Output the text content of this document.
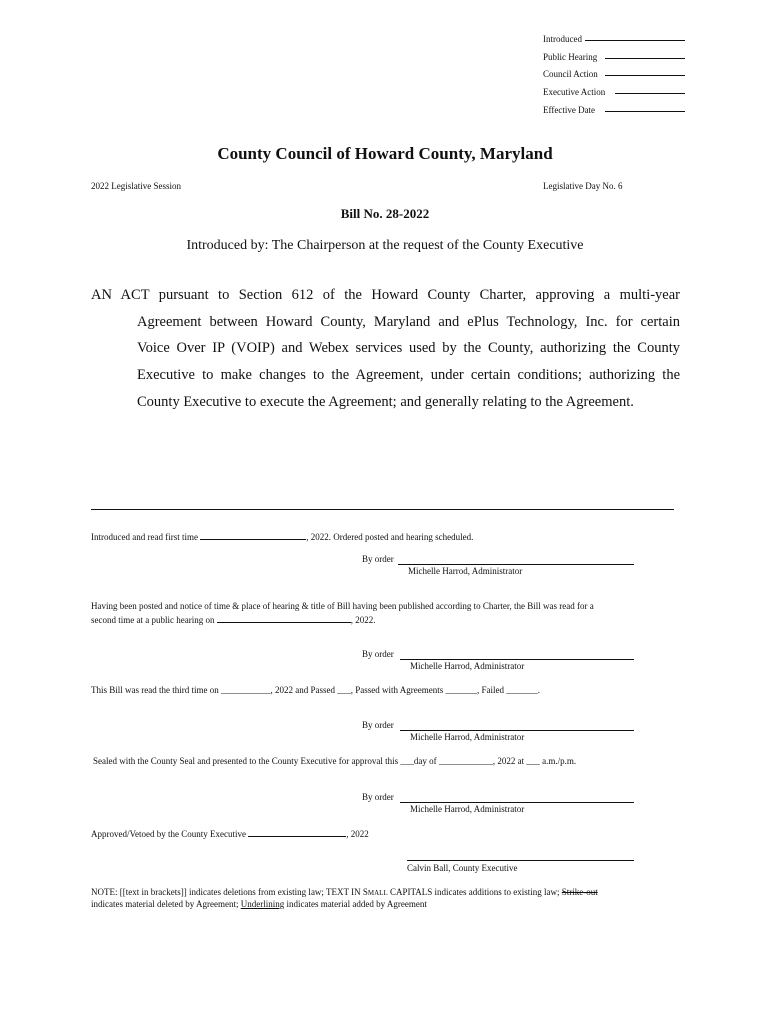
Introduced
Public Hearing
Council Action
Executive Action
Effective Date
County Council of Howard County, Maryland
2022 Legislative Session	Legislative Day No. 6
Bill No. 28-2022
Introduced by: The Chairperson at the request of the County Executive
AN ACT pursuant to Section 612 of the Howard County Charter, approving a multi-year
Agreement between Howard County, Maryland and ePlus Technology, Inc. for certain
Voice Over IP (VOIP) and Webex services used by the County, authorizing the County
Executive to make changes to the Agreement, under certain conditions; authorizing the
County Executive to execute the Agreement; and generally relating to the Agreement.
Introduced and read first time	, 2022. Ordered posted and hearing scheduled.
By order
Michelle Harrod, Administrator
Having been posted and notice of time & place of hearing & title of Bill having been published according to Charter, the Bill was read for a
second time at a public hearing on	, 2022.
By order
Michelle Harrod, Administrator
This Bill was read the third time on ___________, 2022 and Passed ___, Passed with Agreements _______, Failed _______.
By order
Michelle Harrod, Administrator
Sealed with the County Seal and presented to the County Executive for approval this ___day of ____________, 2022 at ___ a.m./p.m.
By order
Michelle Harrod, Administrator
Approved/Vetoed by the County Executive	, 2022
Calvin Ball, County Executive
NOTE: [[text in brackets]] indicates deletions from existing law; TEXT IN SMALL CAPITALS indicates additions to existing law; Strike-out
indicates material deleted by Agreement; Underlining indicates material added by Agreement
